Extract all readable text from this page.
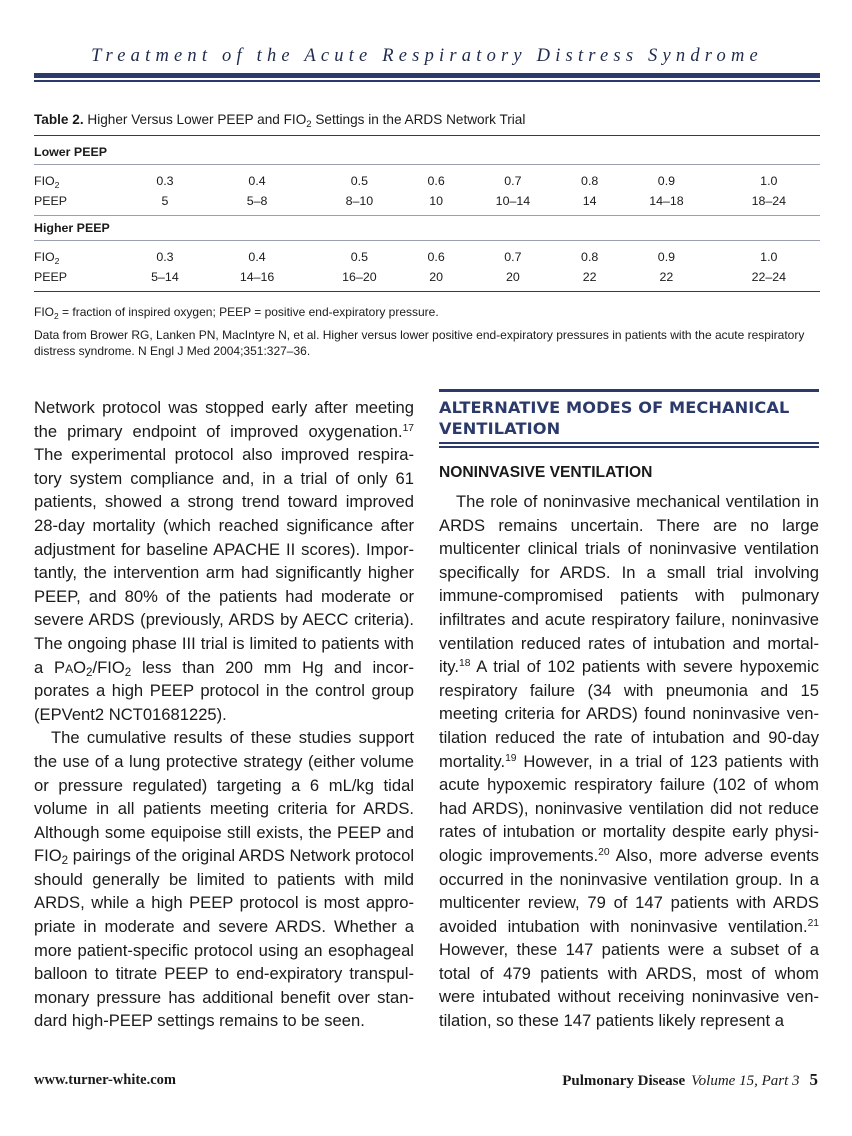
Treatment of the Acute Respiratory Distress Syndrome

Table 2. Higher Versus Lower PEEP and $FIO_2$ Settings in the ARDS Network Trial

Lower PEEP								
$FIO_2$	0.3	0.4	0.5	0.6	0.7	0.8	0.9	1.0
PEEP	5	5–8	8–10	10	10–14	14	14–18	18–24
Higher PEEP								
$FIO_2$	0.3	0.4	0.5	0.6	0.7	0.8	0.9	1.0
PEEP	5–14	14–16	16–20	20	20	22	22	22–24

$FIO_2$ = fraction of inspired oxygen; PEEP = positive end-expiratory pressure.

Data from Brower RG, Lanken PN, MacIntyre N, et al. Higher versus lower positive end-expiratory pressures in patients with the acute respiratory distress syndrome. N Engl J Med 2004;351:327–36.

Network protocol was stopped early after meeting the primary endpoint of improved oxygenation.$^{17}$ The experimental protocol also improved respiratory system compliance and, in a trial of only 61 patients, showed a strong trend toward improved 28-day mortality (which reached significance after adjustment for baseline APACHE II scores). Importantly, the intervention arm had significantly higher PEEP, and 80% of the patients had moderate or severe ARDS (previously, ARDS by AECC criteria). The ongoing phase III trial is limited to patients with a $PaO_2/FIO_2$ less than 200 mm Hg and incorporates a high PEEP protocol in the control group (EPVent2 NCT01681225).

The cumulative results of these studies support the use of a lung protective strategy (either volume or pressure regulated) targeting a 6 mL/kg tidal volume in all patients meeting criteria for ARDS. Although some equipoise still exists, the PEEP and $FIO_2$ pairings of the original ARDS Network protocol should generally be limited to patients with mild ARDS, while a high PEEP protocol is most appropriate in moderate and severe ARDS. Whether a more patient-specific protocol using an esophageal balloon to titrate PEEP to end-expiratory transpulmonary pressure has additional benefit over standard high-PEEP settings remains to be seen.

ALTERNATIVE MODES OF MECHANICAL VENTILATION
NONINVASIVE VENTILATION

The role of noninvasive mechanical ventilation in ARDS remains uncertain. There are no large multicenter clinical trials of noninvasive ventilation specifically for ARDS. In a small trial involving immune-compromised patients with pulmonary infiltrates and acute respiratory failure, noninvasive ventilation reduced rates of intubation and mortality.$^{18}$ A trial of 102 patients with severe hypoxemic respiratory failure (34 with pneumonia and 15 meeting criteria for ARDS) found noninvasive ventilation reduced the rate of intubation and 90-day mortality.$^{19}$ However, in a trial of 123 patients with acute hypoxemic respiratory failure (102 of whom had ARDS), noninvasive ventilation did not reduce rates of intubation or mortality despite early physiologic improvements.$^{20}$ Also, more adverse events occurred in the noninvasive ventilation group. In a multicenter review, 79 of 147 patients with ARDS avoided intubation with noninvasive ventilation.$^{21}$ However, these 147 patients were a subset of a total of 479 patients with ARDS, most of whom were intubated without receiving noninvasive ventilation, so these 147 patients likely represent a

www.turner-white.com	Pulmonary Disease Volume 15, Part 3 5
